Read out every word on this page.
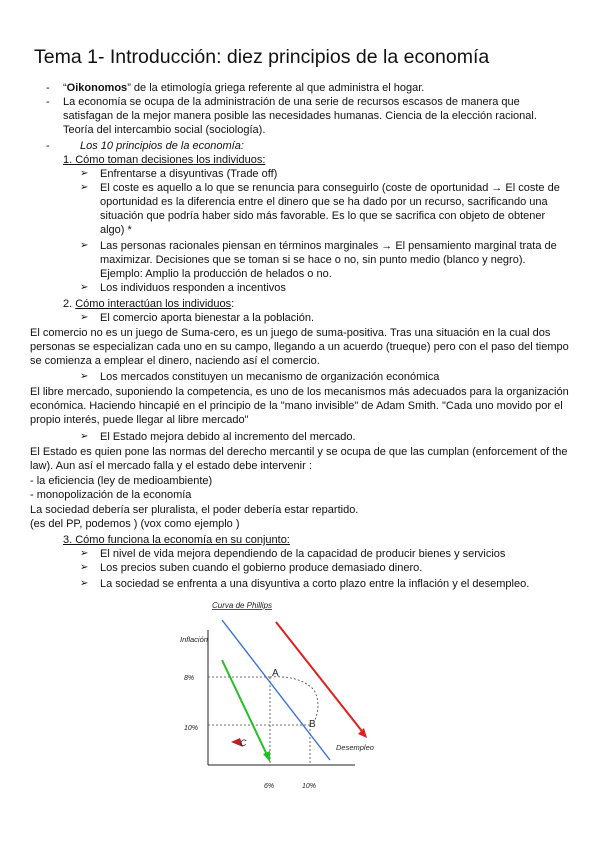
Tema 1- Introducción: diez principios de la economía
- “Oikonomos” de la etimología griega referente al que administra el hogar.
- La economía se ocupa de la administración de una serie de recursos escasos de manera que
satisfagan de la mejor manera posible las necesidades humanas. Ciencia de la elección racional.
Teoría del intercambio social (sociología).
-	Los 10 principios de la economía:
1. Cómo toman decisiones los individuos:
➢ Enfrentarse a disyuntivas (Trade off)
➢ El coste es aquello a lo que se renuncia para conseguirlo (coste de oportunidad → El coste de
oportunidad es la diferencia entre el dinero que se ha dado por un recurso, sacrificando una
situación que podría haber sido más favorable. Es lo que se sacrifica con objeto de obtener
algo) *
➢ Las personas racionales piensan en términos marginales → El pensamiento marginal trata de
maximizar. Decisiones que se toman si se hace o no, sin punto medio (blanco y negro).
Ejemplo: Amplio la producción de helados o no.
➢ Los individuos responden a incentivos
2. Cómo interactúan los individuos:
➢ El comercio aporta bienestar a la población.
El comercio no es un juego de Suma-cero, es un juego de suma-positiva. Tras una situación en la cual dos
personas se especializan cada uno en su campo, llegando a un acuerdo (trueque) pero con el paso del tiempo
se comienza a emplear el dinero, naciendo así el comercio.
➢ Los mercados constituyen un mecanismo de organización económica
El libre mercado, suponiendo la competencia, es uno de los mecanismos más adecuados para la organización
económica. Haciendo hincapié en el principio de la "mano invisible" de Adam Smith. "Cada uno movido por el
propio interés, puede llegar al libre mercado"
➢ El Estado mejora debido al incremento del mercado.
El Estado es quien pone las normas del derecho mercantil y se ocupa de que las cumplan (enforcement of the
law). Aun así el mercado falla y el estado debe intervenir :
- la eficiencia (ley de medioambiente)
- monopolización de la economía
La sociedad debería ser pluralista, el poder debería estar repartido.
(es del PP, podemos ) (vox como ejemplo )
3. Cómo funciona la economía en su conjunto:
➢ El nivel de vida mejora dependiendo de la capacidad de producir bienes y servicios
➢ Los precios suben cuando el gobierno produce demasiado dinero.
➢ La sociedad se enfrenta a una disyuntiva a corto plazo entre la inflación y el desempleo.
Curva de Phillips
Inflación
Desempleo
8%
10%
6%	10%
A
B
C
